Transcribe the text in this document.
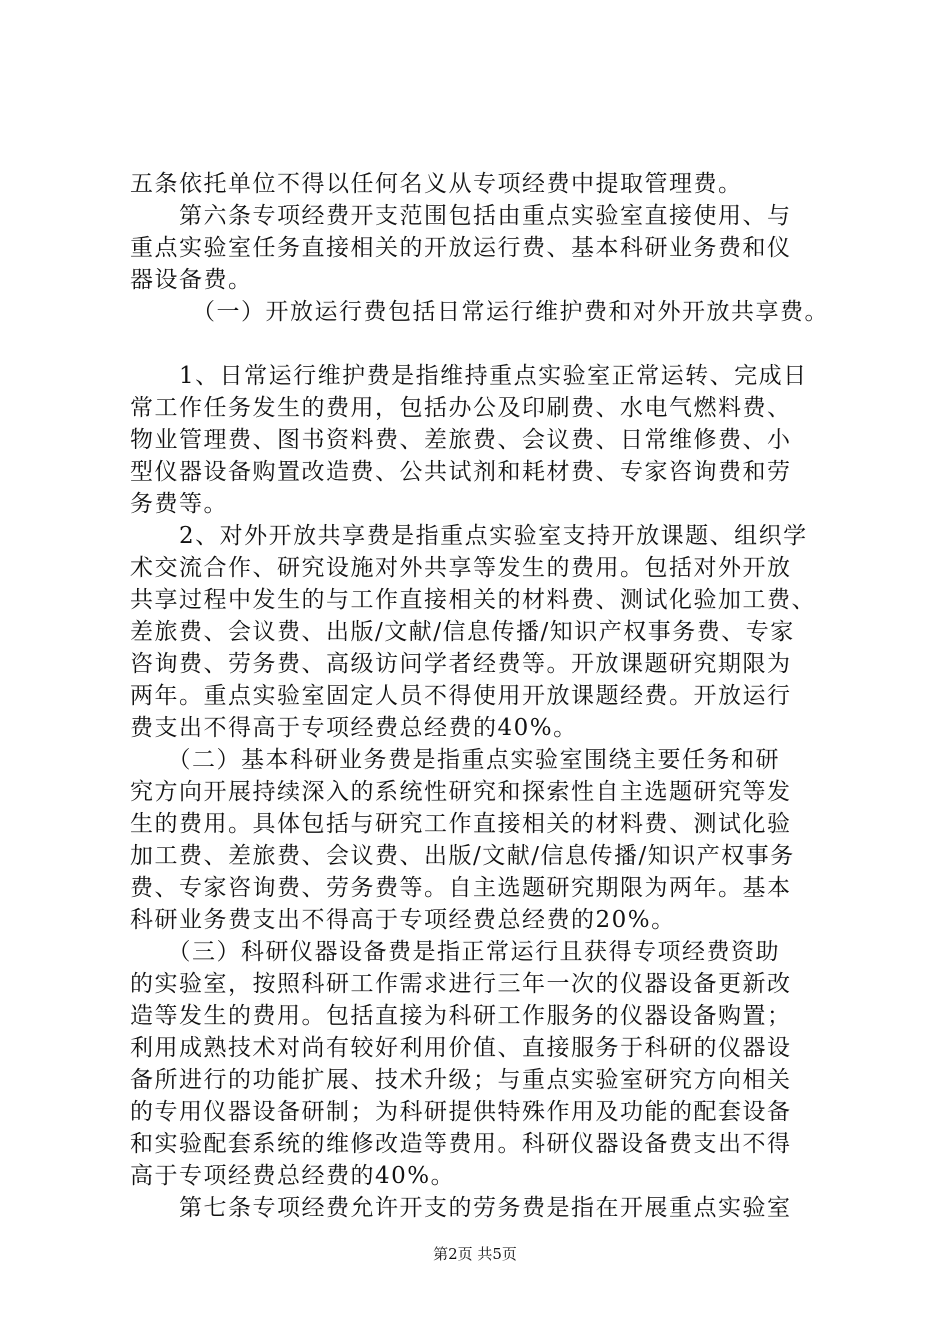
五条依托单位不得以任何名义从专项经费中提取管理费。
　　第六条专项经费开支范围包括由重点实验室直接使用、与
重点实验室任务直接相关的开放运行费、基本科研业务费和仪
器设备费。
　　　（一）开放运行费包括日常运行维护费和对外开放共享费。
　　1、日常运行维护费是指维持重点实验室正常运转、完成日
常工作任务发生的费用，包括办公及印刷费、水电气燃料费、
物业管理费、图书资料费、差旅费、会议费、日常维修费、小
型仪器设备购置改造费、公共试剂和耗材费、专家咨询费和劳
务费等。
　　2、对外开放共享费是指重点实验室支持开放课题、组织学
术交流合作、研究设施对外共享等发生的费用。包括对外开放
共享过程中发生的与工作直接相关的材料费、测试化验加工费、
差旅费、会议费、出版/文献/信息传播/知识产权事务费、专家
咨询费、劳务费、高级访问学者经费等。开放课题研究期限为
两年。重点实验室固定人员不得使用开放课题经费。开放运行
费支出不得高于专项经费总经费的40%。
　　（二）基本科研业务费是指重点实验室围绕主要任务和研
究方向开展持续深入的系统性研究和探索性自主选题研究等发
生的费用。具体包括与研究工作直接相关的材料费、测试化验
加工费、差旅费、会议费、出版/文献/信息传播/知识产权事务
费、专家咨询费、劳务费等。自主选题研究期限为两年。基本
科研业务费支出不得高于专项经费总经费的20%。
　　（三）科研仪器设备费是指正常运行且获得专项经费资助
的实验室，按照科研工作需求进行三年一次的仪器设备更新改
造等发生的费用。包括直接为科研工作服务的仪器设备购置；
利用成熟技术对尚有较好利用价值、直接服务于科研的仪器设
备所进行的功能扩展、技术升级；与重点实验室研究方向相关
的专用仪器设备研制；为科研提供特殊作用及功能的配套设备
和实验配套系统的维修改造等费用。科研仪器设备费支出不得
高于专项经费总经费的40%。
　　第七条专项经费允许开支的劳务费是指在开展重点实验室
第2页 共5页
